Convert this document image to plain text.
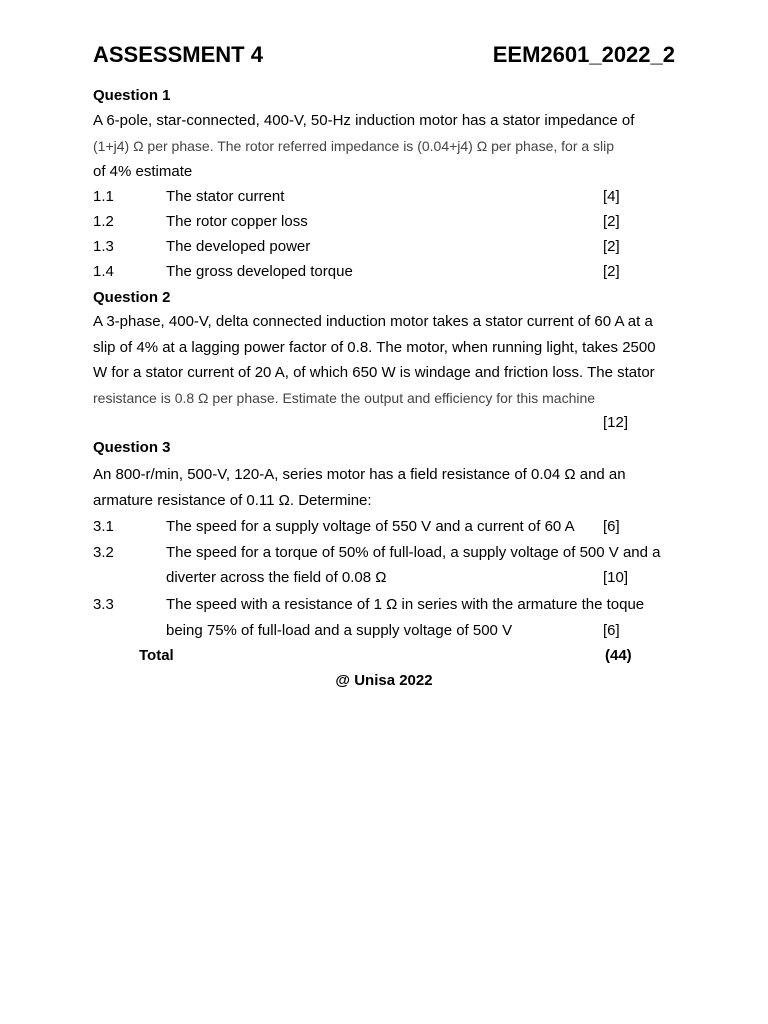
ASSESSMENT 4	EEM2601_2022_2
Question 1
A 6-pole, star-connected, 400-V, 50-Hz induction motor has a stator impedance of
(1+j4) Ω per phase. The rotor referred impedance is (0.04+j4) Ω per phase, for a slip
of 4% estimate
1.1	The stator current	[4]
1.2	The rotor copper loss	[2]
1.3	The developed power	[2]
1.4	The gross developed torque	[2]
Question 2
A 3-phase, 400-V, delta connected induction motor takes a stator current of 60 A at a
slip of 4% at a lagging power factor of 0.8. The motor, when running light, takes 2500
W for a stator current of 20 A, of which 650 W is windage and friction loss. The stator
resistance is 0.8 Ω per phase. Estimate the output and efficiency for this machine
[12]
Question 3
An 800-r/min, 500-V, 120-A, series motor has a field resistance of 0.04 Ω and an
armature resistance of 0.11 Ω. Determine:
3.1	The speed for a supply voltage of 550 V and a current of 60 A	[6]
3.2	The speed for a torque of 50% of full-load, a supply voltage of 500 V and a
diverter across the field of 0.08 Ω	[10]
3.3	The speed with a resistance of 1 Ω in series with the armature the toque
being 75% of full-load and a supply voltage of 500 V	[6]
Total	(44)
@ Unisa 2022
